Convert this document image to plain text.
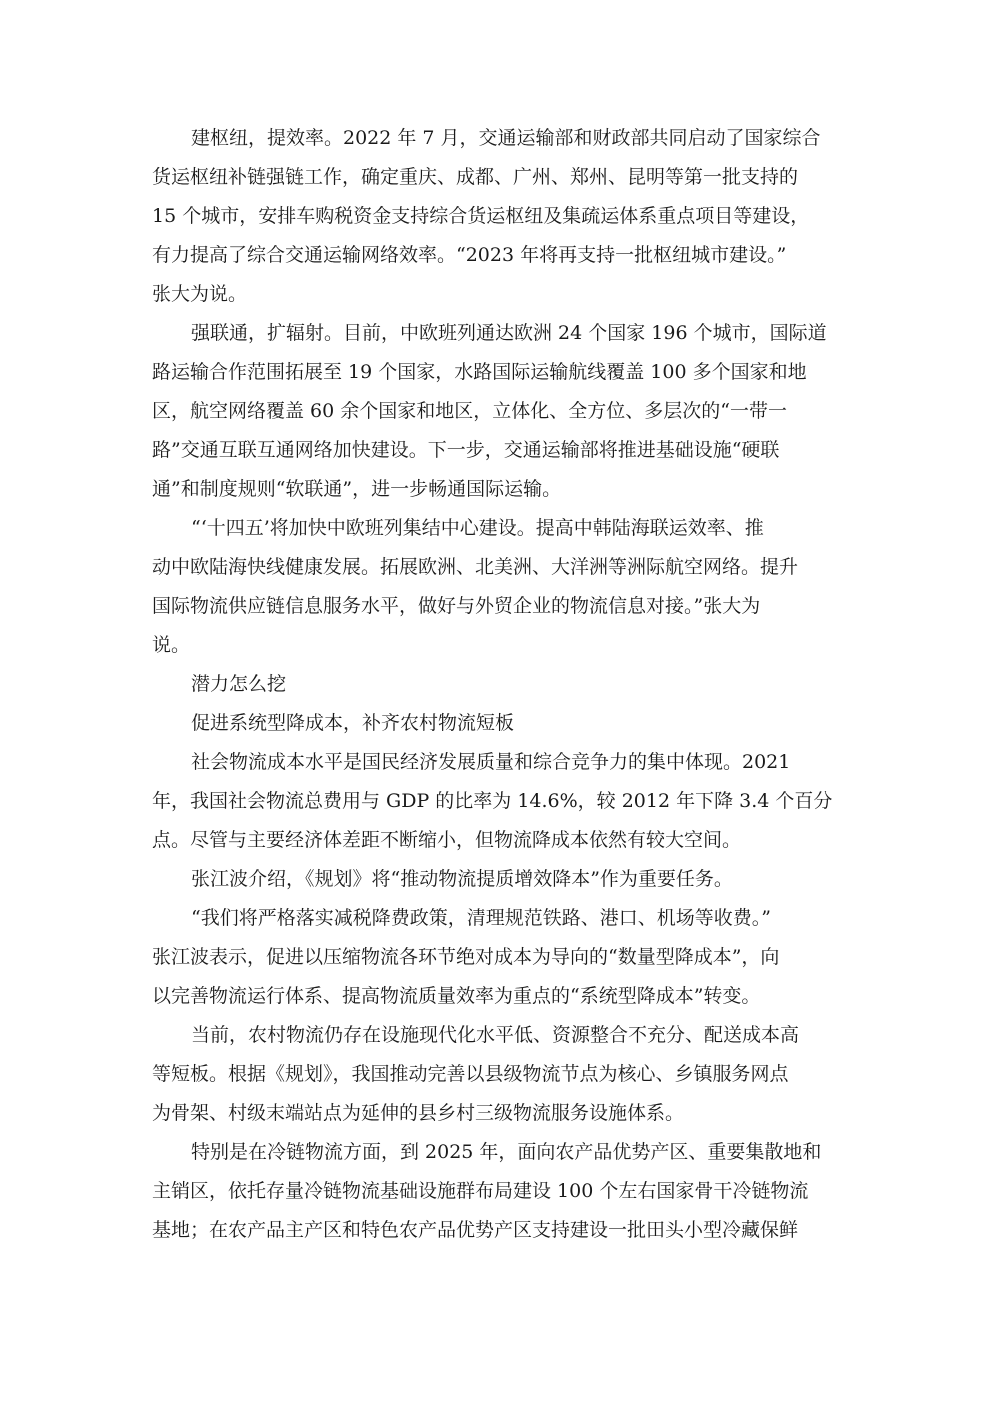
建枢纽，提效率。2022 年 7 月，交通运输部和财政部共同启动了国家综合
货运枢纽补链强链工作，确定重庆、成都、广州、郑州、昆明等第一批支持的
15 个城市，安排车购税资金支持综合货运枢纽及集疏运体系重点项目等建设，
有力提高了综合交通运输网络效率。“2023 年将再支持一批枢纽城市建设。”
张大为说。
强联通，扩辐射。目前，中欧班列通达欧洲 24 个国家 196 个城市，国际道
路运输合作范围拓展至 19 个国家，水路国际运输航线覆盖 100 多个国家和地
区，航空网络覆盖 60 余个国家和地区，立体化、全方位、多层次的“一带一
路”交通互联互通网络加快建设。下一步，交通运输部将推进基础设施“硬联
通”和制度规则“软联通”，进一步畅通国际运输。
“‘十四五’将加快中欧班列集结中心建设。提高中韩陆海联运效率、推
动中欧陆海快线健康发展。拓展欧洲、北美洲、大洋洲等洲际航空网络。提升
国际物流供应链信息服务水平，做好与外贸企业的物流信息对接。”张大为
说。
潜力怎么挖
促进系统型降成本，补齐农村物流短板
社会物流成本水平是国民经济发展质量和综合竞争力的集中体现。2021
年，我国社会物流总费用与 GDP 的比率为 14.6%，较 2012 年下降 3.4 个百分
点。尽管与主要经济体差距不断缩小，但物流降成本依然有较大空间。
张江波介绍，《规划》将“推动物流提质增效降本”作为重要任务。
“我们将严格落实减税降费政策，清理规范铁路、港口、机场等收费。”
张江波表示，促进以压缩物流各环节绝对成本为导向的“数量型降成本”，向
以完善物流运行体系、提高物流质量效率为重点的“系统型降成本”转变。
当前，农村物流仍存在设施现代化水平低、资源整合不充分、配送成本高
等短板。根据《规划》，我国推动完善以县级物流节点为核心、乡镇服务网点
为骨架、村级末端站点为延伸的县乡村三级物流服务设施体系。
特别是在冷链物流方面，到 2025 年，面向农产品优势产区、重要集散地和
主销区，依托存量冷链物流基础设施群布局建设 100 个左右国家骨干冷链物流
基地；在农产品主产区和特色农产品优势产区支持建设一批田头小型冷藏保鲜
